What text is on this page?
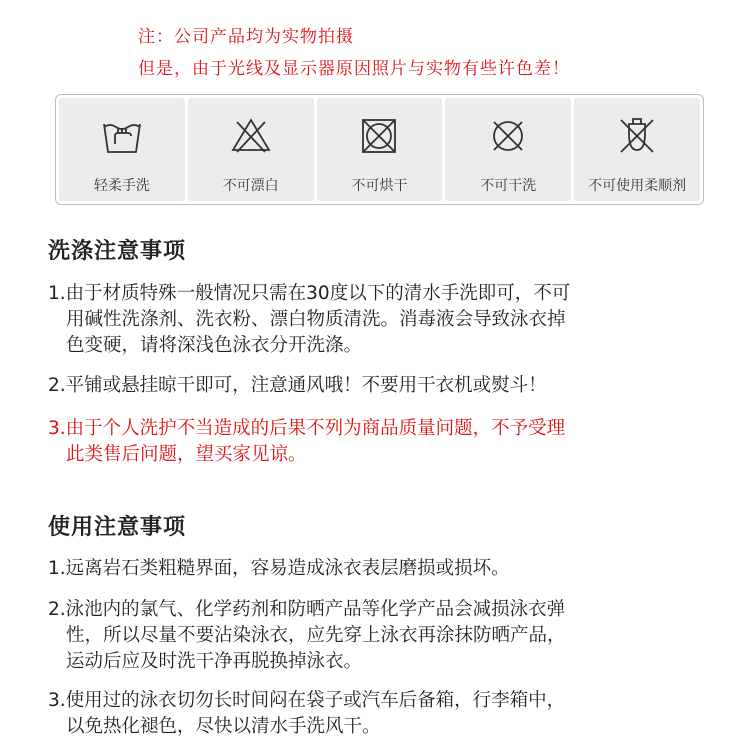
注：公司产品均为实物拍摄
但是，由于光线及显示器原因照片与实物有些许色差！
轻柔手洗	不可漂白	不可烘干	不可干洗	不可使用柔顺剂
洗涤注意事项
1.由于材质特殊一般情况只需在30度以下的清水手洗即可，不可
用碱性洗涤剂、洗衣粉、漂白物质清洗。消毒液会导致泳衣掉
色变硬，请将深浅色泳衣分开洗涤。
2.平铺或悬挂晾干即可，注意通风哦！不要用干衣机或熨斗！
3.由于个人洗护不当造成的后果不列为商品质量问题，不予受理
此类售后问题，望买家见谅。
使用注意事项
1.远离岩石类粗糙界面，容易造成泳衣表层磨损或损坏。
2.泳池内的氯气、化学药剂和防晒产品等化学产品会减损泳衣弹
性，所以尽量不要沾染泳衣，应先穿上泳衣再涂抹防晒产品，
运动后应及时洗干净再脱换掉泳衣。
3.使用过的泳衣切勿长时间闷在袋子或汽车后备箱，行李箱中，
以免热化褪色，尽快以清水手洗风干。
